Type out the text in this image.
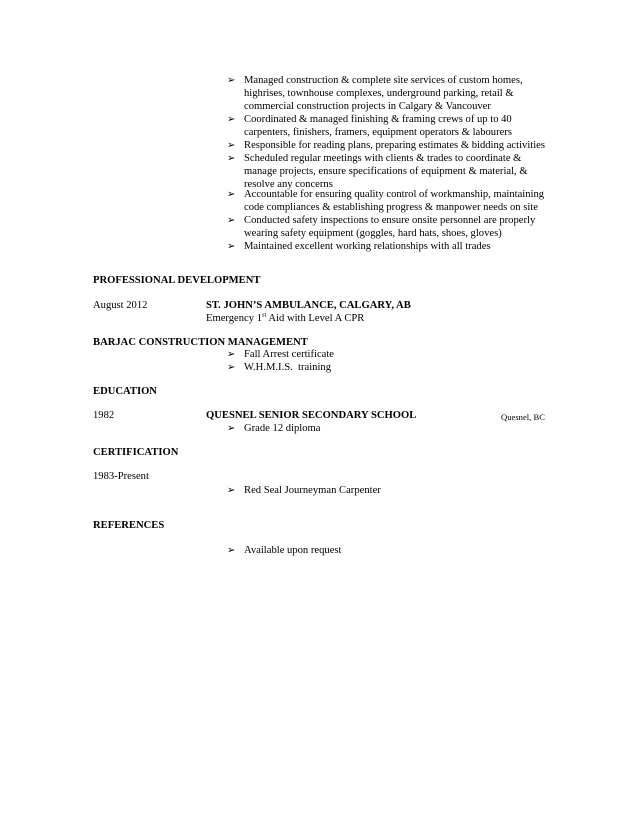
➢ Managed construction & complete site services of custom homes, highrises, townhouse complexes, underground parking, retail & commercial construction projects in Calgary & Vancouver
➢ Coordinated & managed finishing & framing crews of up to 40 carpenters, finishers, framers, equipment operators & labourers
➢ Responsible for reading plans, preparing estimates & bidding activities
➢ Scheduled regular meetings with clients & trades to coordinate & manage projects, ensure specifications of equipment & material, & resolve any concerns
➢ Accountable for ensuring quality control of workmanship, maintaining code compliances & establishing progress & manpower needs on site
➢ Conducted safety inspections to ensure onsite personnel are properly wearing safety equipment (goggles, hard hats, shoes, gloves)
➢ Maintained excellent working relationships with all trades
PROFESSIONAL DEVELOPMENT
August 2012	ST. JOHN’S AMBULANCE, CALGARY, AB
Emergency 1st Aid with Level A CPR
BARJAC CONSTRUCTION MANAGEMENT
➢ Fall Arrest certificate
➢ W.H.M.I.S.  training
EDUCATION
1982	QUESNEL SENIOR SECONDARY SCHOOL	Quesnel, BC
➢ Grade 12 diploma
CERTIFICATION
1983-Present
➢ Red Seal Journeyman Carpenter
REFERENCES
➢ Available upon request
